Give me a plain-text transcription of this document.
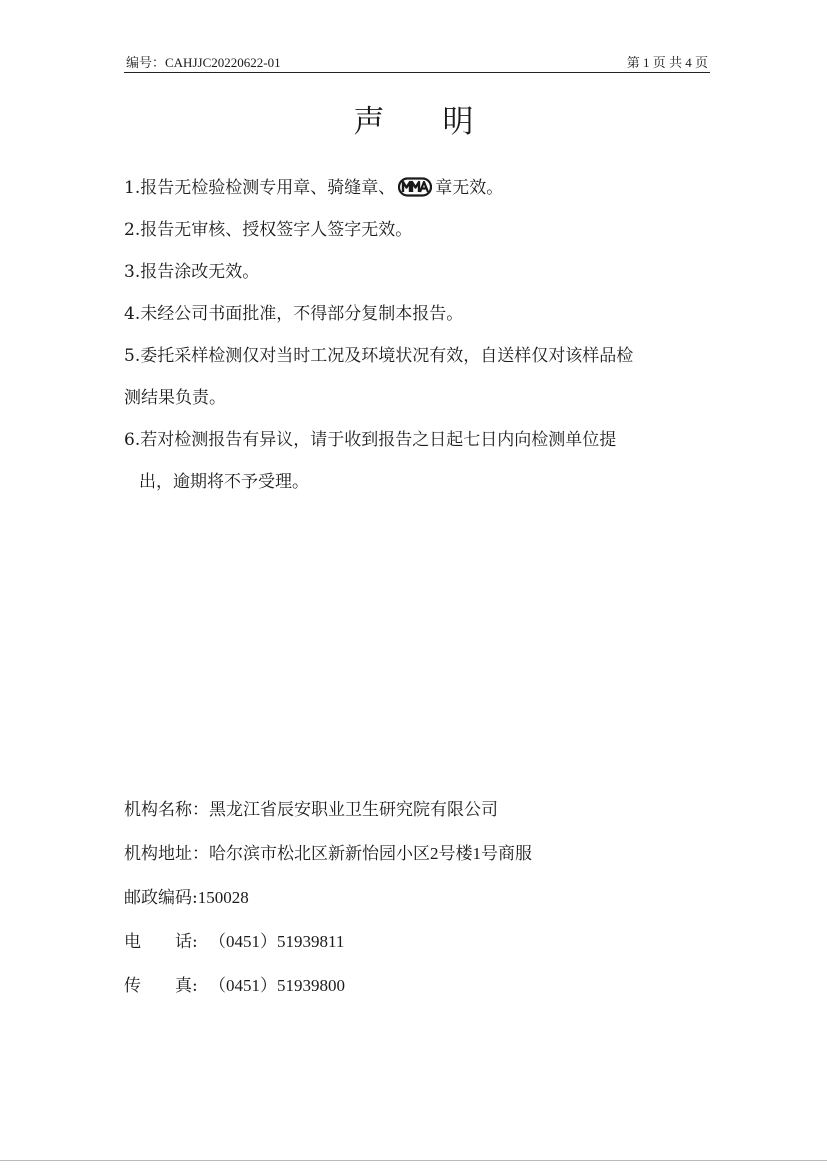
编号：CAHJJC20220622-01	第 1 页 共 4 页
声明
1. 报告无检验检测专用章、骑缝章、 章无效。
2. 报告无审核、授权签字人签字无效。
3. 报告涂改无效。
4. 未经公司书面批准，不得部分复制本报告。
5.委托采样检测仅对当时工况及环境状况有效，自送样仅对该样品检
测结果负责。
6.若对检测报告有异议，请于收到报告之日起七日内向检测单位提
出，逾期将不予受理。
机构名称：黑龙江省辰安职业卫生研究院有限公司
机构地址：哈尔滨市松北区新新怡园小区2号楼1号商服
邮政编码:150028
电 话: （0451）51939811
传 真: （0451）51939800
